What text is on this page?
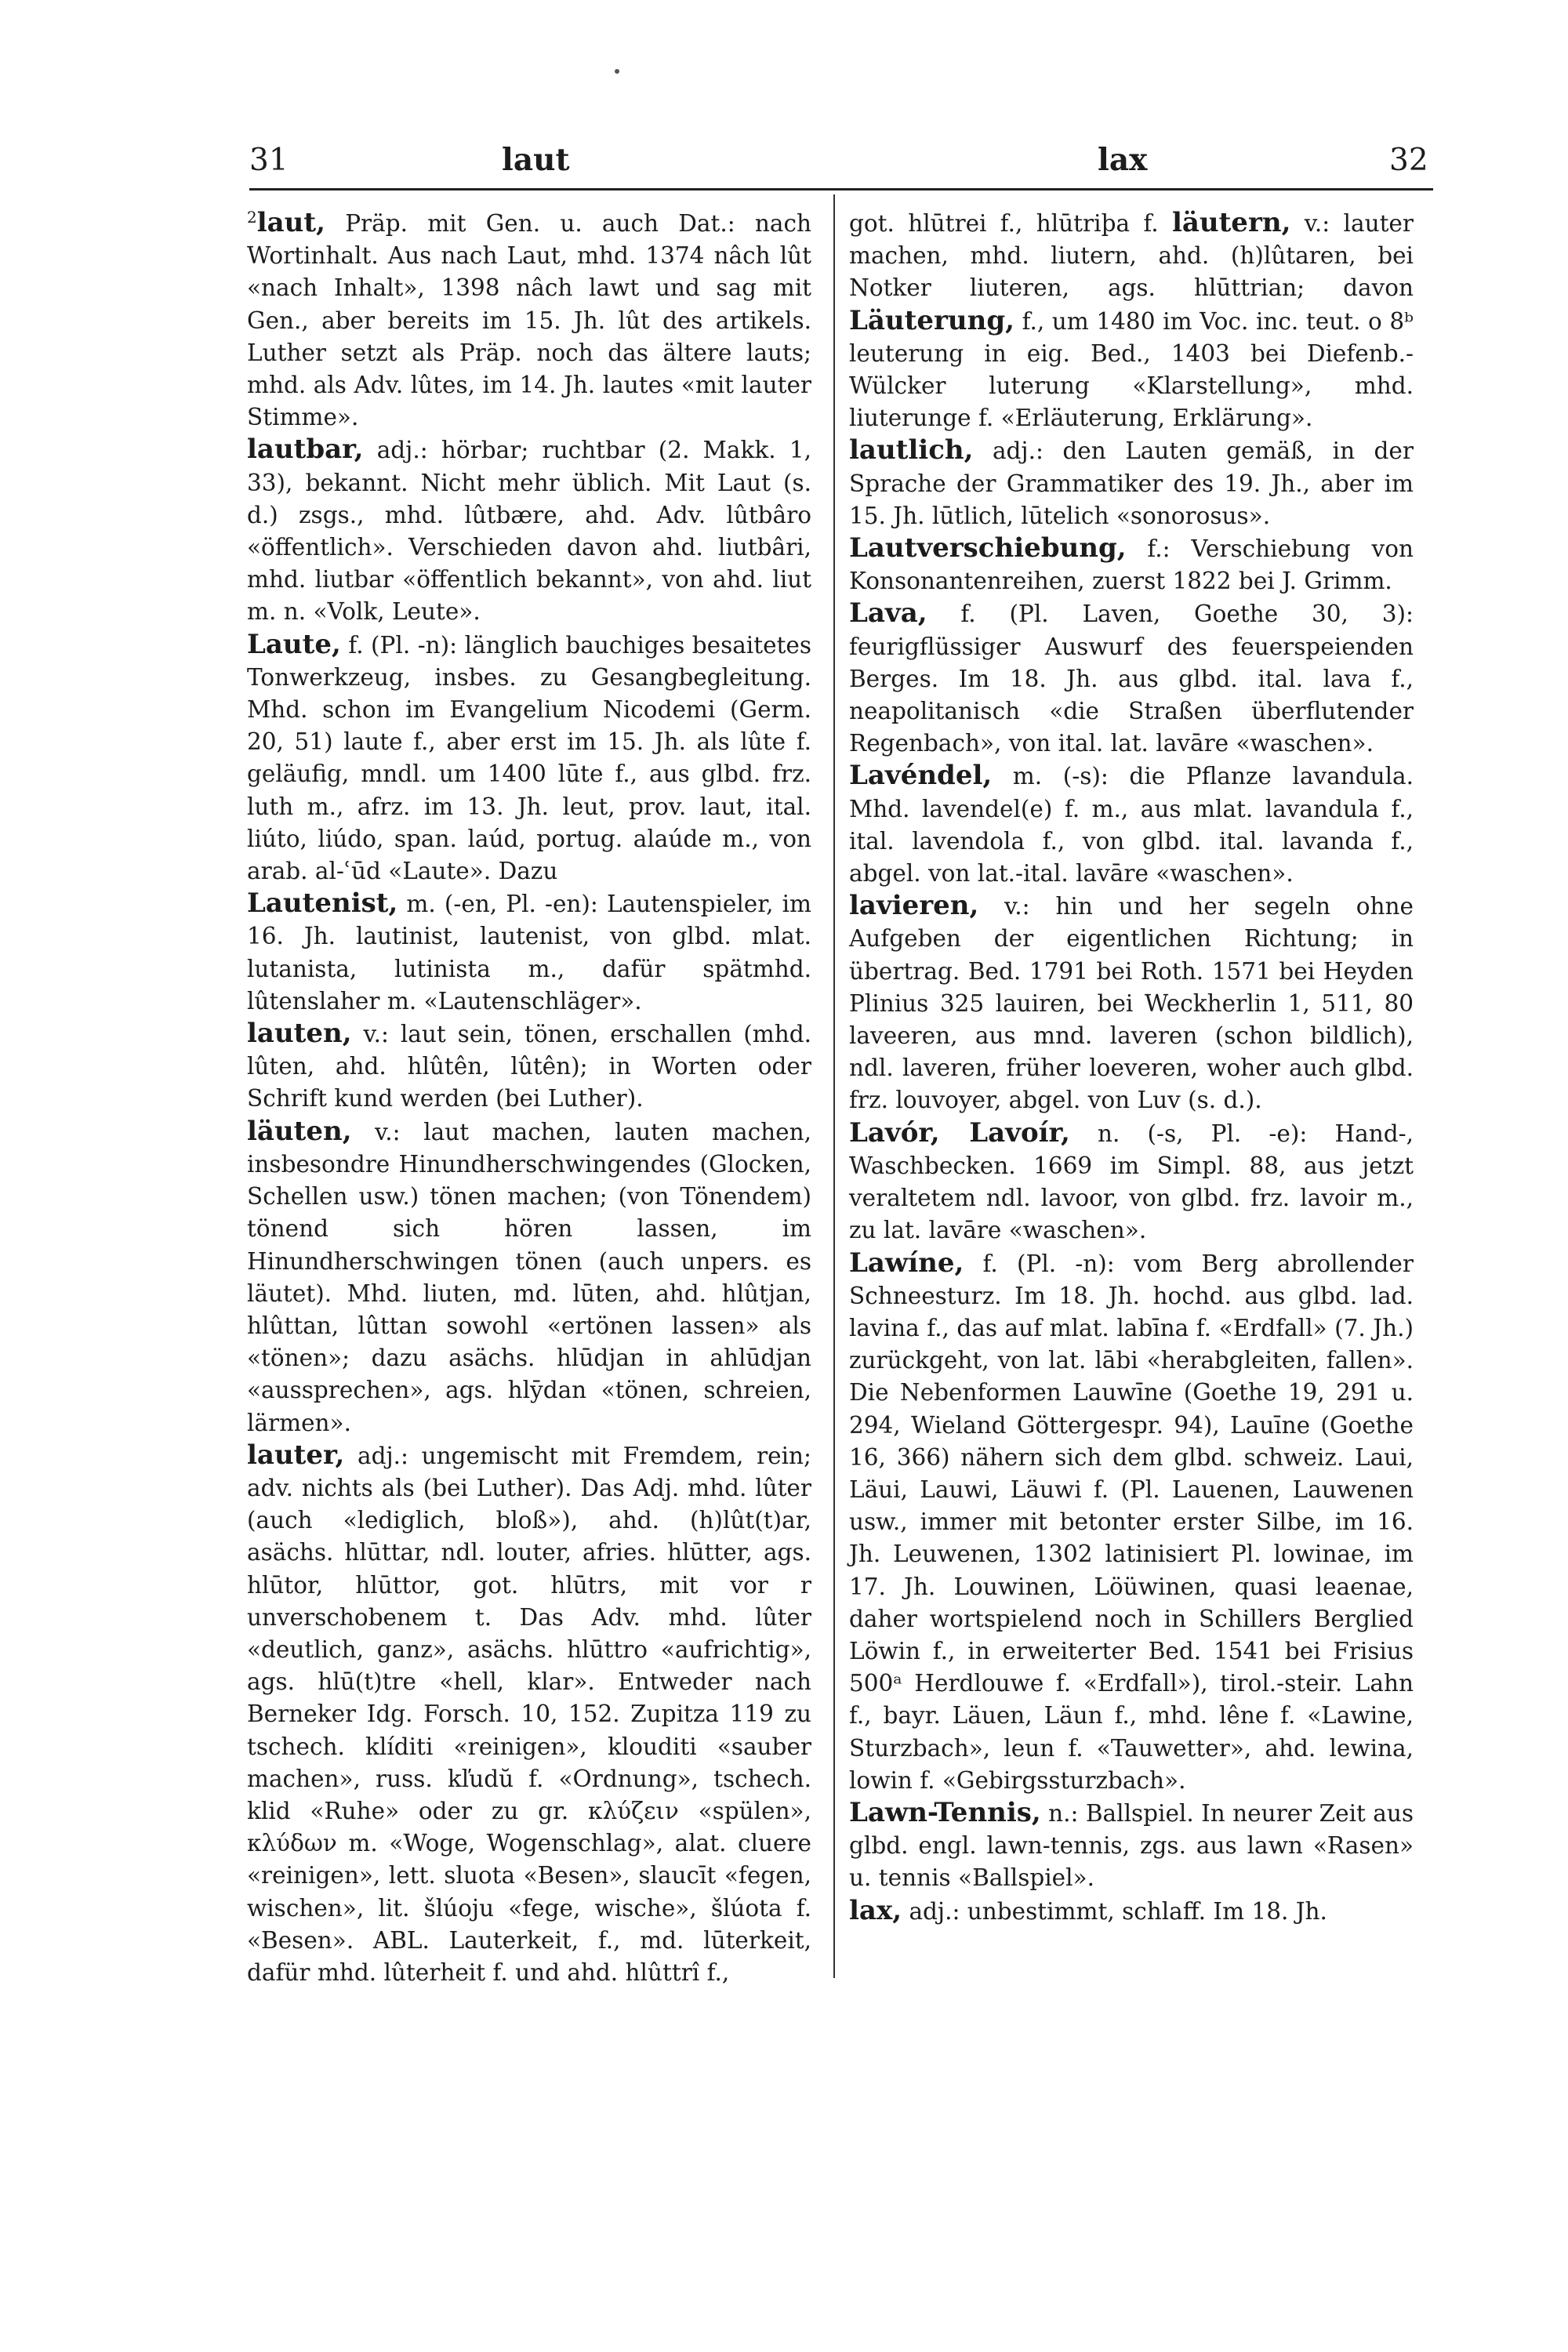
31	laut	lax	32

$^2$laut, Präp. mit Gen. u. auch Dat.: nach Wortinhalt. Aus nach Laut, mhd. 1374 nâch lût «nach Inhalt», 1398 nâch lawt und sag mit Gen., aber bereits im 15. Jh. lût des artikels. Luther setzt als Präp. noch das ältere lauts; mhd. als Adv. lûtes, im 14. Jh. lautes «mit lauter Stimme».

lautbar, adj.: hörbar; ruchtbar (2. Makk. 1, 33), bekannt. Nicht mehr üblich. Mit Laut (s. d.) zsgs., mhd. lûtbære, ahd. Adv. lûtbâro «öffentlich». Verschieden davon ahd. liutbâri, mhd. liutbar «öffentlich bekannt», von ahd. liut m. n. «Volk, Leute».

Laute, f. (Pl. -n): länglich bauchiges besaitetes Tonwerkzeug, insbes. zu Gesangbegleitung. Mhd. schon im Evangelium Nicodemi (Germ. 20, 51) laute f., aber erst im 15. Jh. als lûte f. geläufig, mndl. um 1400 lūte f., aus glbd. frz. luth m., afrz. im 13. Jh. leut, prov. laut, ital. liúto, liúdo, span. laúd, portug. alaúde m., von arab. al-ʿūd «Laute». Dazu

Lautenist, m. (-en, Pl. -en): Lautenspieler, im 16. Jh. lautinist, lautenist, von glbd. mlat. lutanista, lutinista m., dafür spätmhd. lûtenslaher m. «Lautenschläger».

lauten, v.: laut sein, tönen, erschallen (mhd. lûten, ahd. hlûtên, lûtên); in Worten oder Schrift kund werden (bei Luther).

läuten, v.: laut machen, lauten machen, insbesondre Hinundherschwingendes (Glocken, Schellen usw.) tönen machen; (von Tönendem) tönend sich hören lassen, im Hinundherschwingen tönen (auch unpers. es läutet). Mhd. liuten, md. lūten, ahd. hlûtjan, hlûttan, lûttan sowohl «ertönen lassen» als «tönen»; dazu asächs. hlūdjan in ahlūdjan «aussprechen», ags. hlȳdan «tönen, schreien, lärmen».

lauter, adj.: ungemischt mit Fremdem, rein; adv. nichts als (bei Luther). Das Adj. mhd. lûter (auch «lediglich, bloß»), ahd. (h)lût(t)ar, asächs. hlūttar, ndl. louter, afries. hlūtter, ags. hlūtor, hlūttor, got. hlūtrs, mit vor r unverschobenem t. Das Adv. mhd. lûter «deutlich, ganz», asächs. hlūttro «aufrichtig», ags. hlū(t)tre «hell, klar». Entweder nach Berneker Idg. Forsch. 10, 152. Zupitza 119 zu tschech. klíditi «reinigen», klouditi «sauber machen», russ. kľudŭ f. «Ordnung», tschech. klid «Ruhe» oder zu gr. κλύζειν «spülen», κλύδων m. «Woge, Wogenschlag», alat. cluere «reinigen», lett. sluota «Besen», slaucīt «fegen, wischen», lit. šlúoju «fege, wische», šlúota f. «Besen». ABL. Lauterkeit, f., md. lūterkeit, dafür mhd. lûterheit f. und ahd. hlûttrî f.,

got. hlūtrei f., hlūtriþa f. läutern, v.: lauter machen, mhd. liutern, ahd. (h)lûtaren, bei Notker liuteren, ags. hlūttrian; davon Läuterung, f., um 1480 im Voc. inc. teut. o 8ᵇ leuterung in eig. Bed., 1403 bei Diefenb.-Wülcker luterung «Klarstellung», mhd. liuterunge f. «Erläuterung, Erklärung».

lautlich, adj.: den Lauten gemäß, in der Sprache der Grammatiker des 19. Jh., aber im 15. Jh. lūtlich, lūtelich «sonorosus».

Lautverschiebung, f.: Verschiebung von Konsonantenreihen, zuerst 1822 bei J. Grimm.

Lava, f. (Pl. Laven, Goethe 30, 3): feurigflüssiger Auswurf des feuerspeienden Berges. Im 18. Jh. aus glbd. ital. lava f., neapolitanisch «die Straßen überflutender Regenbach», von ital. lat. lavāre «waschen».

Lavéndel, m. (-s): die Pflanze lavandula. Mhd. lavendel(e) f. m., aus mlat. lavandula f., ital. lavendola f., von glbd. ital. lavanda f., abgel. von lat.-ital. lavāre «waschen».

lavieren, v.: hin und her segeln ohne Aufgeben der eigentlichen Richtung; in übertrag. Bed. 1791 bei Roth. 1571 bei Heyden Plinius 325 lauiren, bei Weckherlin 1, 511, 80 laveeren, aus mnd. laveren (schon bildlich), ndl. laveren, früher loeveren, woher auch glbd. frz. louvoyer, abgel. von Luv (s. d.).

Lavór, Lavoír, n. (-s, Pl. -e): Hand-, Waschbecken. 1669 im Simpl. 88, aus jetzt veraltetem ndl. lavoor, von glbd. frz. lavoir m., zu lat. lavāre «waschen».

Lawíne, f. (Pl. -n): vom Berg abrollender Schneesturz. Im 18. Jh. hochd. aus glbd. lad. lavina f., das auf mlat. labīna f. «Erdfall» (7. Jh.) zurückgeht, von lat. lābi «herabgleiten, fallen». Die Nebenformen Lauwīne (Goethe 19, 291 u. 294, Wieland Göttergespr. 94), Lauīne (Goethe 16, 366) nähern sich dem glbd. schweiz. Laui, Läui, Lauwi, Läuwi f. (Pl. Lauenen, Lauwenen usw., immer mit betonter erster Silbe, im 16. Jh. Leuwenen, 1302 latinisiert Pl. lowinae, im 17. Jh. Louwinen, Löüwinen, quasi leaenae, daher wortspielend noch in Schillers Berglied Löwin f., in erweiterter Bed. 1541 bei Frisius 500ᵃ Herdlouwe f. «Erdfall»), tirol.-steir. Lahn f., bayr. Läuen, Läun f., mhd. lêne f. «Lawine, Sturzbach», leun f. «Tauwetter», ahd. lewina, lowin f. «Gebirgssturzbach».

Lawn-Tennis, n.: Ballspiel. In neurer Zeit aus glbd. engl. lawn-tennis, zgs. aus lawn «Rasen» u. tennis «Ballspiel».

lax, adj.: unbestimmt, schlaff. Im 18. Jh.
